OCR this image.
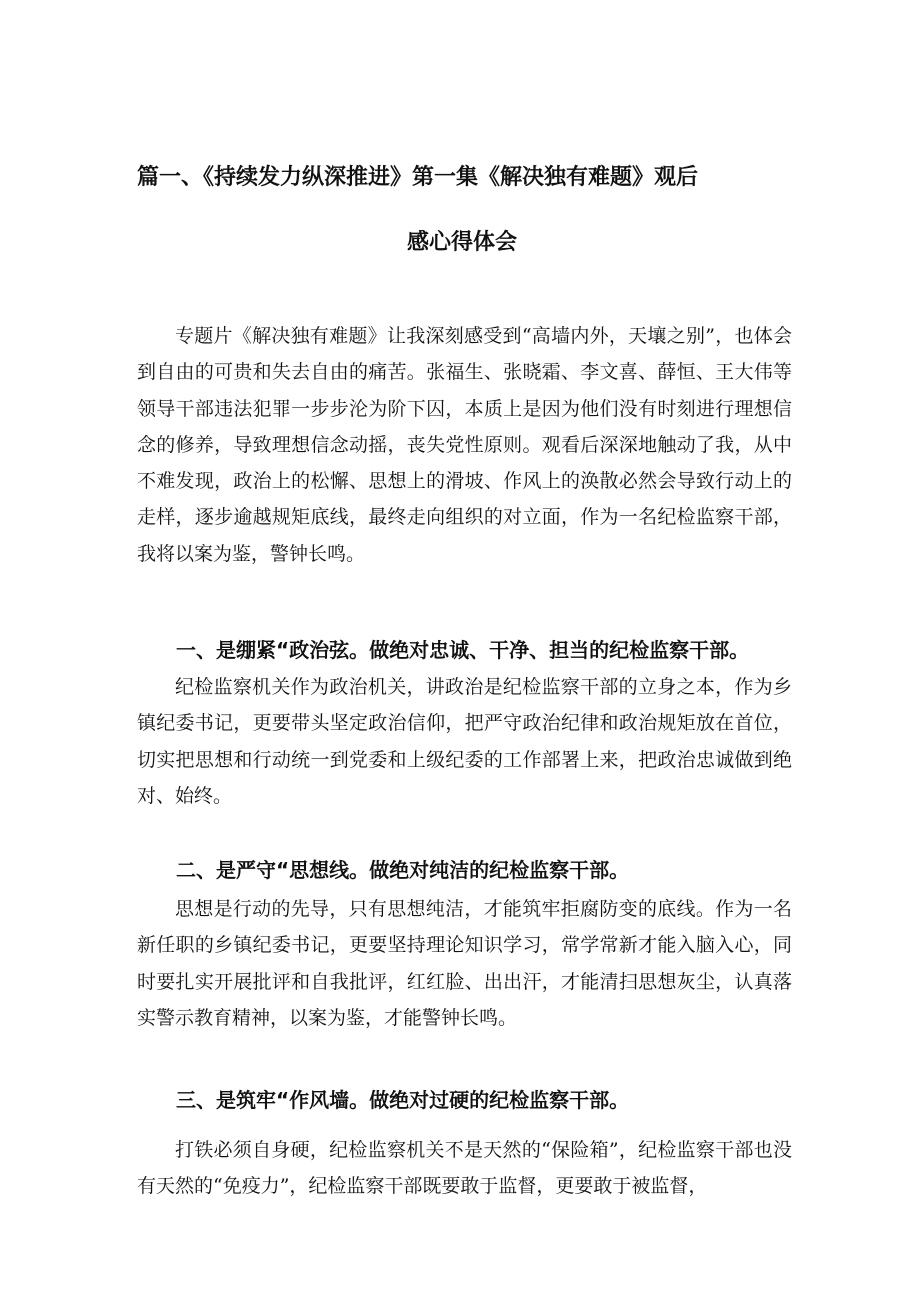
篇一、《持续发力纵深推进》第一集《解决独有难题》观后
感心得体会

专题片《解决独有难题》让我深刻感受到“高墙内外，天壤之别”，也体会到自由的可贵和失去自由的痛苦。张福生、张晓霜、李文喜、薛恒、王大伟等领导干部违法犯罪一步步沦为阶下囚，本质上是因为他们没有时刻进行理想信念的修养，导致理想信念动摇，丧失党性原则。观看后深深地触动了我，从中不难发现，政治上的松懈、思想上的滑坡、作风上的涣散必然会导致行动上的走样，逐步逾越规矩底线，最终走向组织的对立面，作为一名纪检监察干部，我将以案为鉴，警钟长鸣。

一、是绷紧“政治弦。做绝对忠诚、干净、担当的纪检监察干部。

纪检监察机关作为政治机关，讲政治是纪检监察干部的立身之本，作为乡镇纪委书记，更要带头坚定政治信仰，把严守政治纪律和政治规矩放在首位，切实把思想和行动统一到党委和上级纪委的工作部署上来，把政治忠诚做到绝对、始终。

二、是严守“思想线。做绝对纯洁的纪检监察干部。

思想是行动的先导，只有思想纯洁，才能筑牢拒腐防变的底线。作为一名新任职的乡镇纪委书记，更要坚持理论知识学习，常学常新才能入脑入心，同时要扎实开展批评和自我批评，红红脸、出出汗，才能清扫思想灰尘，认真落实警示教育精神，以案为鉴，才能警钟长鸣。

三、是筑牢“作风墙。做绝对过硬的纪检监察干部。

打铁必须自身硬，纪检监察机关不是天然的“保险箱”，纪检监察干部也没有天然的“免疫力”，纪检监察干部既要敢于监督，更要敢于被监督，
